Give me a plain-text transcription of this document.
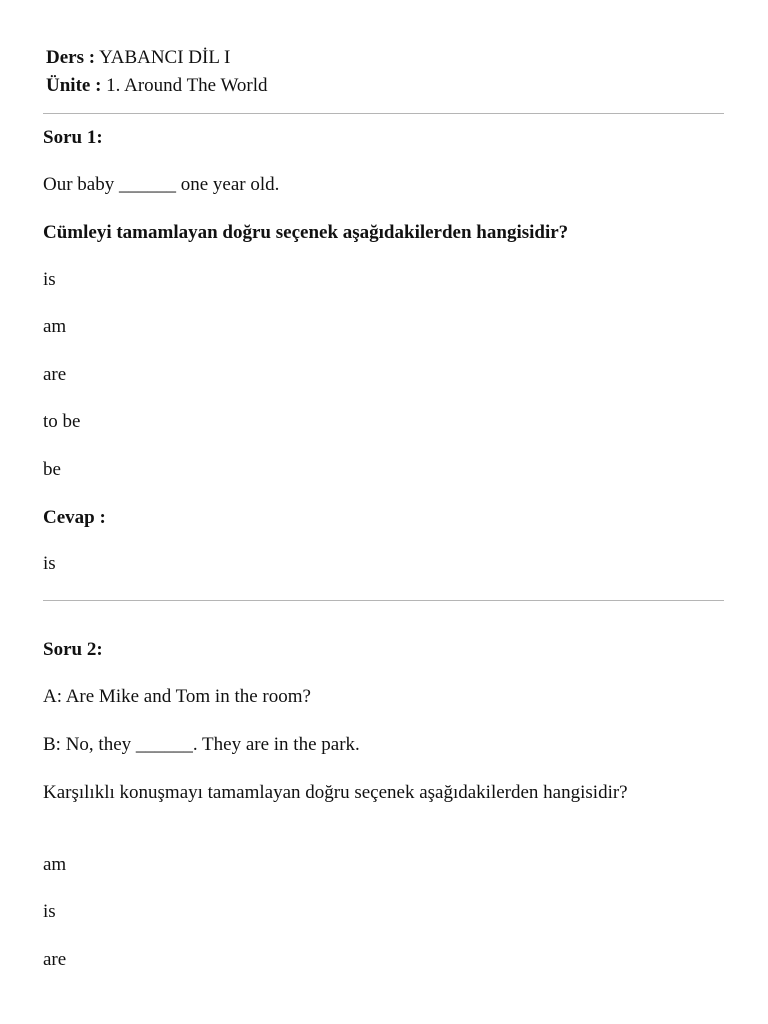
Ders : YABANCI DİL I
Ünite : 1. Around The World
Soru 1:
Our baby ______ one year old.
Cümleyi tamamlayan doğru seçenek aşağıdakilerden hangisidir?
is
am
are
to be
be
Cevap :
is
Soru 2:
A: Are Mike and Tom in the room?
B: No, they ______. They are in the park.
Karşılıklı konuşmayı tamamlayan doğru seçenek aşağıdakilerden hangisidir?
am
is
are
